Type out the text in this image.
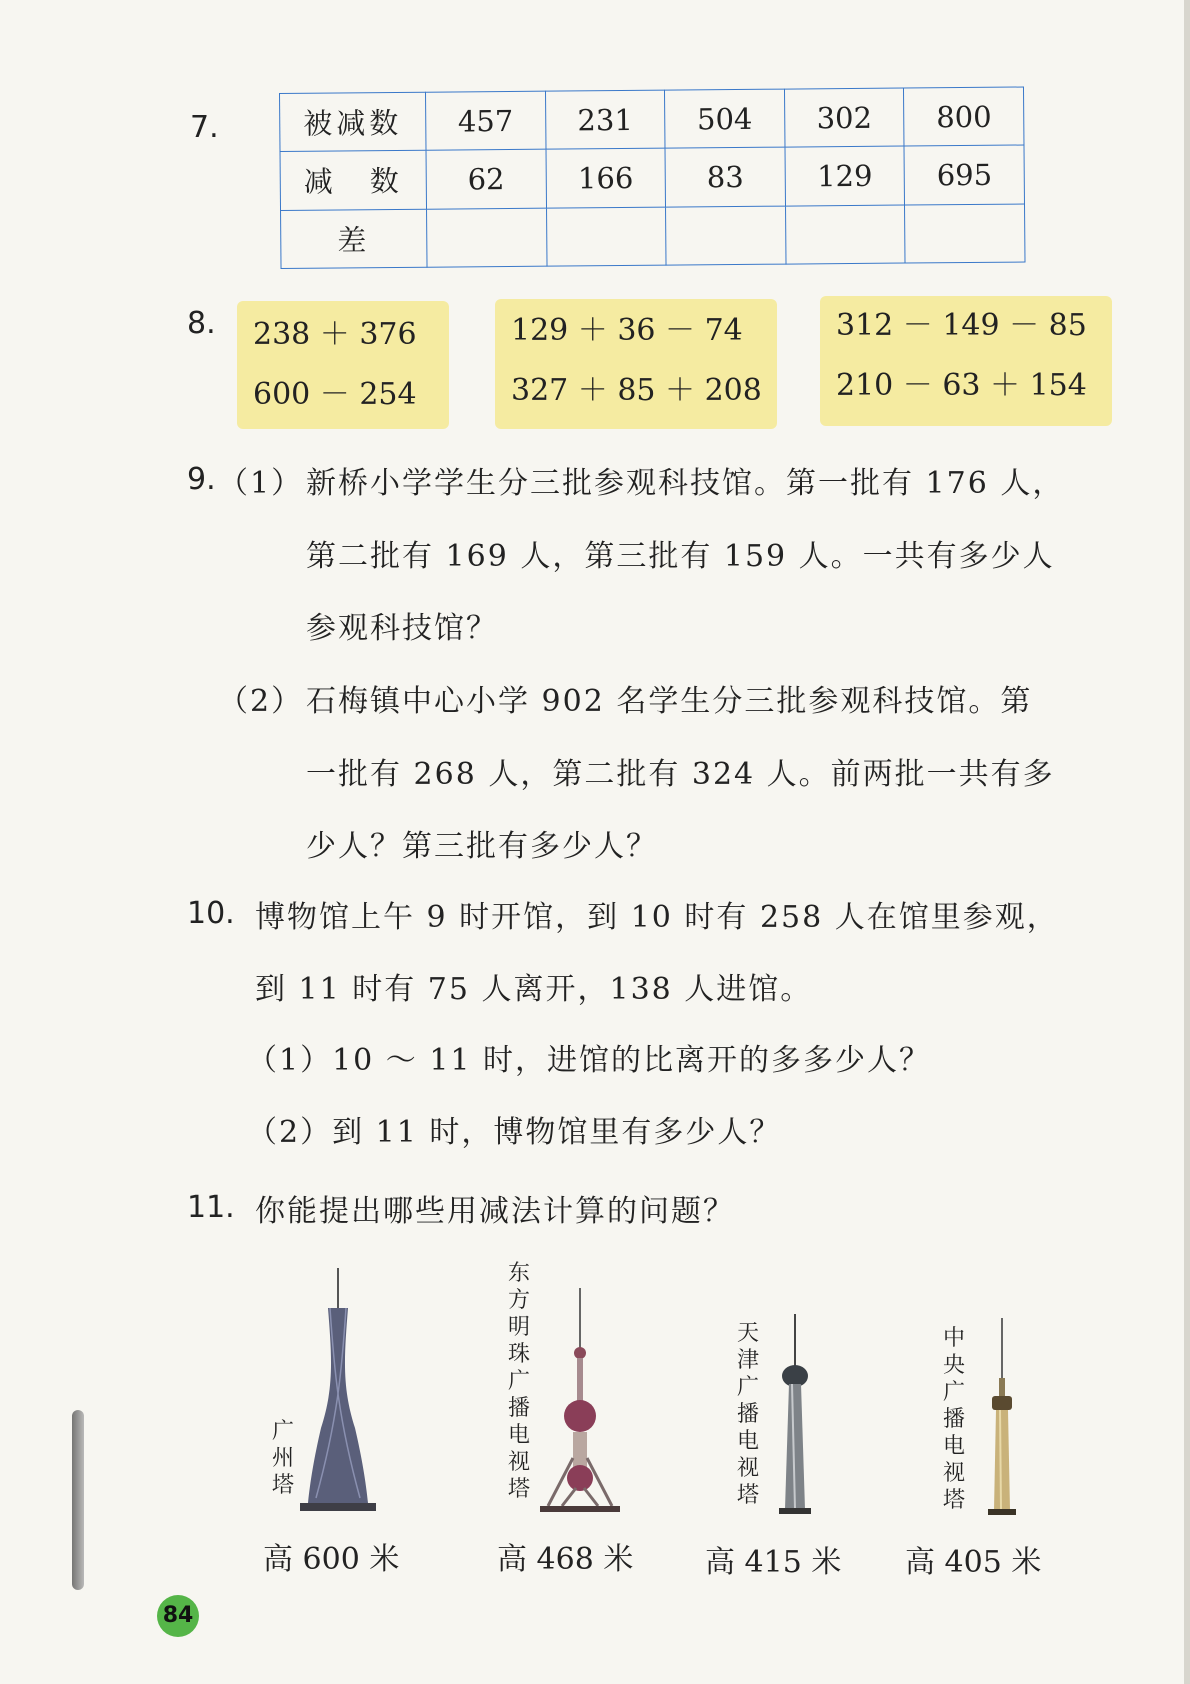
7.	被减数	457	231	504	302	800
减　数	62	166	83	129	695
差					
8. 238 ＋ 376
600 － 254
129 ＋ 36 － 74
327 ＋ 85 ＋ 208
312 － 149 － 85
210 － 63 ＋ 154
9. （1） 新桥小学学生分三批参观科技馆。第一批有 176 人，
第二批有 169 人，第三批有 159 人。一共有多少人
参观科技馆？
（2） 石梅镇中心小学 902 名学生分三批参观科技馆。第
一批有 268 人，第二批有 324 人。前两批一共有多
少人？第三批有多少人？
10. 博物馆上午 9 时开馆，到 10 时有 258 人在馆里参观，
到 11 时有 75 人离开，138 人进馆。
（1）10 ～ 11 时，进馆的比离开的多多少人？
（2）到 11 时，博物馆里有多少人？
11. 你能提出哪些用减法计算的问题？
广州塔
高 600 米
东方明珠广播电视塔
高 468 米
天津广播电视塔
高 415 米
中央广播电视塔
高 405 米
84
